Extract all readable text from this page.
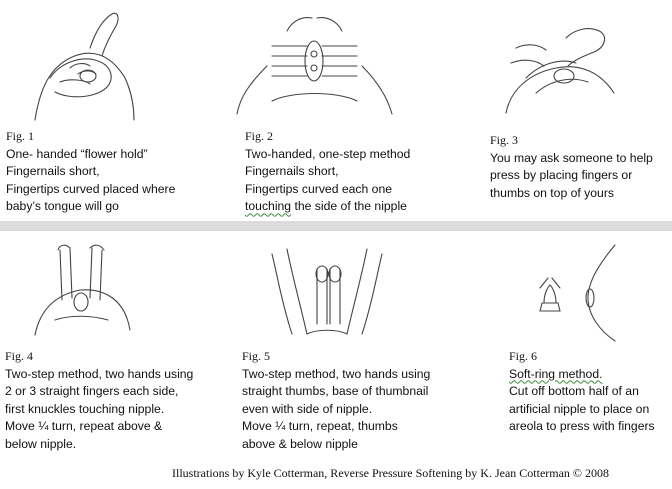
Fig. 1
One- handed “flower hold”
Fingernails short,
Fingertips curved placed where
baby’s tongue will go
Fig. 2
Two-handed, one-step method
Fingernails short,
Fingertips curved each one
touching the side of the nipple
Fig. 3
You may ask someone to help
press by placing fingers or
thumbs on top of yours
Fig. 4
Two-step method, two hands using
2 or 3 straight fingers each side,
first knuckles touching nipple.
Move ¼ turn, repeat above &
below nipple.
Fig. 5
Two-step method, two hands using
straight thumbs, base of thumbnail
even with side of nipple.
Move ¼ turn, repeat, thumbs
above & below nipple
Fig. 6
Soft-ring method.
Cut off bottom half of an
artificial nipple to place on
areola to press with fingers
Illustrations by Kyle Cotterman, Reverse Pressure Softening by K. Jean Cotterman © 2008
